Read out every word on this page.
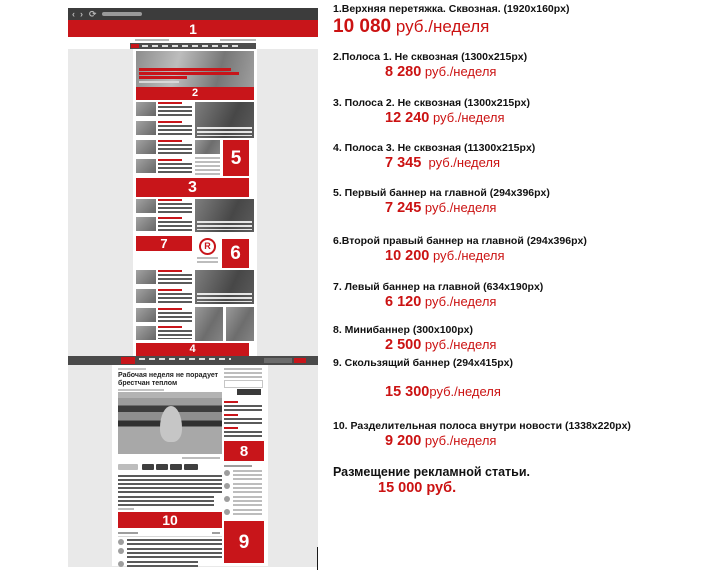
‹ › ⟳
1
2
5
3
7	R 6
4
Рабочая неделя не порадует брестчан теплом
10
8
9
1.Верхняя перетяжка. Сквозная. (1920x160px)
10 080 руб./неделя
2.Полоса 1. Не сквозная (1300x215px)
8 280 руб./неделя
3. Полоса 2. Не сквозная (1300x215px)
12 240 руб./неделя
4. Полоса 3. Не сквозная (11300x215px)
7 345  руб./неделя
5. Первый баннер на главной (294x396px)
7 245 руб./неделя
6.Второй правый баннер на главной (294x396px)
10 200 руб./неделя
7. Левый баннер на главной (634x190px)
6 120 руб./неделя
8. Минибаннер (300x100px)
2 500 руб./неделя
9. Скользящий баннер (294x415px)
15 300руб./неделя
10. Разделительная полоса внутри новости (1338x220px)
9 200 руб./неделя
Размещение рекламной статьи.
15 000 руб.
